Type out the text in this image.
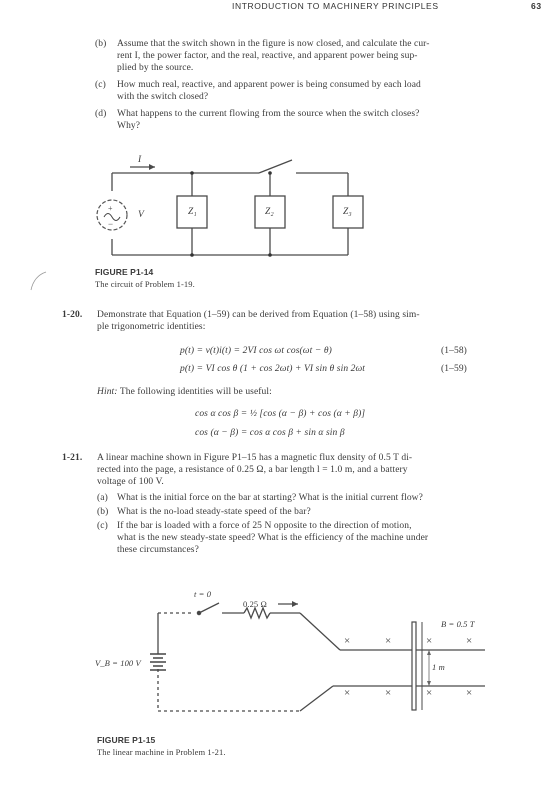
INTRODUCTION TO MACHINERY PRINCIPLES	63
(b) Assume that the switch shown in the figure is now closed, and calculate the cur-
rent I, the power factor, and the real, reactive, and apparent power being sup-
plied by the source.
(c) How much real, reactive, and apparent power is being consumed by each load
with the switch closed?
(d) What happens to the current flowing from the source when the switch closes?
Why?
+
−
I
V	Z₁	Z₂	Z₃
FIGURE P1-14
The circuit of Problem 1-19.
1-20. Demonstrate that Equation (1–59) can be derived from Equation (1–58) using sim-
ple trigonometric identities:
p(t) = v(t)i(t) = 2VI cos ωt cos(ωt − θ)	(1–58)
p(t) = VI cos θ (1 + cos 2ωt) + VI sin θ sin 2ωt	(1–59)
Hint: The following identities will be useful:
cos α cos β = ½ [cos (α − β) + cos (α + β)]
cos (α − β) = cos α cos β + sin α sin β
1-21. A linear machine shown in Figure P1–15 has a magnetic flux density of 0.5 T di-
rected into the page, a resistance of 0.25 Ω, a bar length l = 1.0 m, and a battery
voltage of 100 V.
(a) What is the initial force on the bar at starting? What is the initial current flow?
(b) What is the no-load steady-state speed of the bar?
(c) If the bar is loaded with a force of 25 N opposite to the direction of motion,
what is the new steady-state speed? What is the efficiency of the machine under
these circumstances?
×	×	×	×
×	×	×	×
t = 0
0.25 Ω
B = 0.5 T
1 m
V_B = 100 V
FIGURE P1-15
The linear machine in Problem 1-21.
